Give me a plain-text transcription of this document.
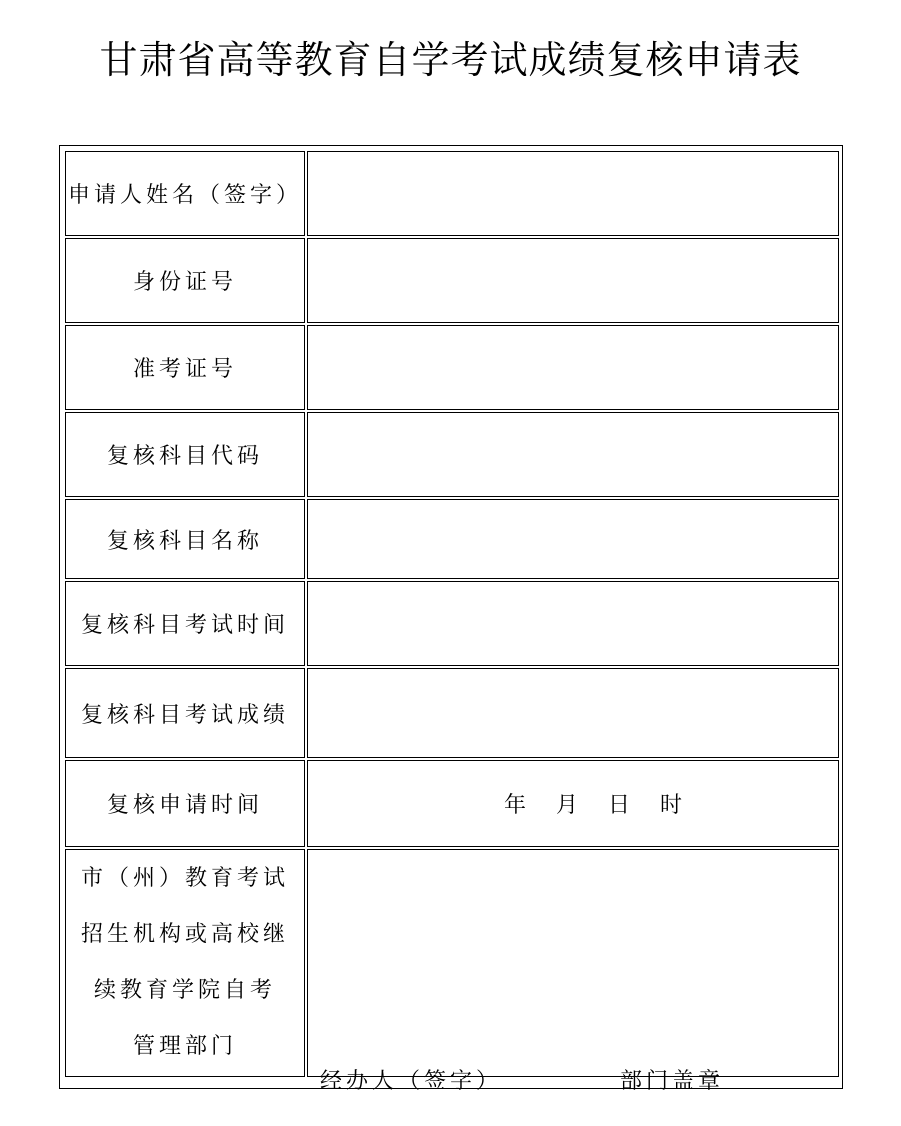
甘肃省高等教育自学考试成绩复核申请表
申请人姓名（签字）	
身份证号	
准考证号	
复核科目代码	
复核科目名称	
复核科目考试时间	
复核科目考试成绩	
复核申请时间	年 月 日 时

市（州）教育考试
招生机构或高校继
续教育学院自考
管理部门	经办人（签字） 部门盖章
